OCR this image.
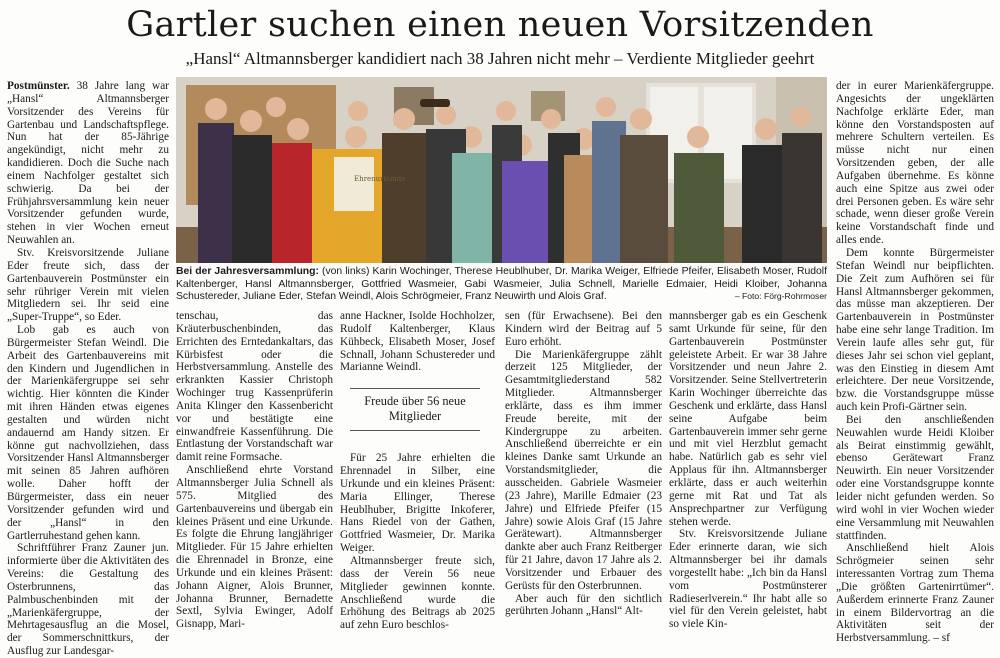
Gartler suchen einen neuen Vorsitzenden
„Hansl“ Altmannsberger kandidiert nach 38 Jahren nicht mehr – Verdiente Mitglieder geehrt

Postmünster. 38 Jahre lang war „Hansl“ Altmannsberger Vorsitzender des Vereins für Gartenbau und Landschaftspflege. Nun hat der 85-Jährige angekündigt, nicht mehr zu kandidieren. Doch die Suche nach einem Nachfolger gestaltet sich schwierig. Da bei der Frühjahrsversammlung kein neuer Vorsitzender gefunden wurde, stehen in vier Wochen erneut Neuwahlen an.

Stv. Kreisvorsitzende Juliane Eder freute sich, dass der Gartenbauverein Postmünster ein sehr rühriger Verein mit vielen Mitgliedern sei. Ihr seid eine „Super-Truppe“, so Eder.

Lob gab es auch von Bürgermeister Stefan Weindl. Die Arbeit des Gartenbauvereins mit den Kindern und Jugendlichen in der Marienkäfergruppe sei sehr wichtig. Hier könnten die Kinder mit ihren Händen etwas eigenes gestalten und würden nicht andauernd am Handy sitzen. Er könne gut nachvollziehen, dass Vorsitzender Hansl Altmannsberger mit seinen 85 Jahren aufhören wolle. Daher hofft der Bürgermeister, dass ein neuer Vorsitzender gefunden wird und der „Hansl“ in den Gartlerruhestand gehen kann.

Schriftführer Franz Zauner jun. informierte über die Aktivitäten des Vereins: die Gestaltung des Osterbrunnens, das Palmbuschenbinden mit der „Marienkäfergruppe, der Mehrtagesausflug an die Mosel, der Sommerschnittkurs, der Ausflug zur Landesgar-

Ehrenurkunde
Bei der Jahresversammlung: (von links) Karin Wochinger, Therese Heublhuber, Dr. Marika Weiger, Elfriede Pfeifer, Elisabeth Moser, Rudolf Kaltenberger, Hansl Altmannsberger, Gottfried Wasmeier, Gabi Wasmeier, Julia Schnell, Marielle Edmaier, Heidi Kloiber, Johanna Schustereder, Juliane Eder, Stefan Weindl, Alois Schrögmeier, Franz Neuwirth und Alois Graf.	– Foto: Förg-Rohrmoser

tenschau, das Kräuterbuschenbinden, das Errichten des Erntedankaltars, das Kürbisfest oder die Herbstversammlung. Anstelle des erkrankten Kassier Christoph Wochinger trug Kassenprüferin Anita Klinger den Kassenbericht vor und bestätigte eine einwandfreie Kassenführung. Die Entlastung der Vorstandschaft war damit reine Formsache.

Anschließend ehrte Vorstand Altmannsberger Julia Schnell als 575. Mitglied des Gartenbauvereins und übergab ein kleines Präsent und eine Urkunde. Es folgte die Ehrung langjähriger Mitglieder. Für 15 Jahre erhielten die Ehrennadel in Bronze, eine Urkunde und ein kleines Präsent: Johann Aigner, Alois Brunner, Johanna Brunner, Bernadette Sextl, Sylvia Ewinger, Adolf Gisnapp, Mari-

anne Hackner, Isolde Hochholzer, Rudolf Kaltenberger, Klaus Kühbeck, Elisabeth Moser, Josef Schnall, Johann Schustereder und Marianne Weindl.

Für 25 Jahre erhielten die Ehrennadel in Silber, eine Urkunde und ein kleines Präsent: Maria Ellinger, Therese Heublhuber, Brigitte Inkoferer, Hans Riedel von der Gathen, Gottfried Wasmeier, Dr. Marika Weiger.

Altmannsberger freute sich, dass der Verein 56 neue Mitglieder gewinnen konnte. Anschließend wurde die Erhöhung des Beitrags ab 2025 auf zehn Euro beschlos-

Freude über 56 neue Mitglieder

sen (für Erwachsene). Bei den Kindern wird der Beitrag auf 5 Euro erhöht.

Die Marienkäfergruppe zählt derzeit 125 Mitglieder, der Gesamtmitgliederstand 582 Mitglieder. Altmannsberger erklärte, dass es ihm immer Freude bereite, mit der Kindergruppe zu arbeiten. Anschließend überreichte er ein kleines Danke samt Urkunde an Vorstandsmitglieder, die ausscheiden. Gabriele Wasmeier (23 Jahre), Marille Edmaier (23 Jahre) und Elfriede Pfeifer (15 Jahre) sowie Alois Graf (15 Jahre Gerätewart). Altmannsberger dankte aber auch Franz Reitberger für 21 Jahre, davon 17 Jahre als 2. Vorsitzender und Erbauer des Gerüsts für den Osterbrunnen.

Aber auch für den sichtlich gerührten Johann „Hansl“ Alt-

mannsberger gab es ein Geschenk samt Urkunde für seine, für den Gartenbauverein Postmünster geleistete Arbeit. Er war 38 Jahre Vorsitzender und neun Jahre 2. Vorsitzender. Seine Stellvertreterin Karin Wochinger überreichte das Geschenk und erklärte, dass Hansl seine Aufgabe beim Gartenbauverein immer sehr gerne und mit viel Herzblut gemacht habe. Natürlich gab es sehr viel Applaus für ihn. Altmannsberger erklärte, dass er auch weiterhin gerne mit Rat und Tat als Ansprechpartner zur Verfügung stehen werde.

Stv. Kreisvorsitzende Juliane Eder erinnerte daran, wie sich Altmannsberger bei ihr damals vorgestellt habe: „Ich bin da Hansl vom Postmünsterer Radieserlverein.“ Ihr habt alle so viel für den Verein geleistet, habt so viele Kin-

der in eurer Marienkäfergruppe. Angesichts der ungeklärten Nachfolge erklärte Eder, man könne den Vorstandsposten auf mehrere Schultern verteilen. Es müsse nicht nur einen Vorsitzenden geben, der alle Aufgaben übernehme. Es könne auch eine Spitze aus zwei oder drei Personen geben. Es wäre sehr schade, wenn dieser große Verein keine Vorstandschaft finde und alles ende.

Dem konnte Bürgermeister Stefan Weindl nur beipflichten. Die Zeit zum Aufhören sei für Hansl Altmannsberger gekommen, das müsse man akzeptieren. Der Gartenbauverein in Postmünster habe eine sehr lange Tradition. Im Verein laufe alles sehr gut, für dieses Jahr sei schon viel geplant, was den Einstieg in diesem Amt erleichtere. Der neue Vorsitzende, bzw. die Vorstandsgruppe müsse auch kein Profi-Gärtner sein.

Bei den anschließenden Neuwahlen wurde Heidi Kloiber als Beirat einstimmig gewählt, ebenso Gerätewart Franz Neuwirth. Ein neuer Vorsitzender oder eine Vorstandsgruppe konnte leider nicht gefunden werden. So wird wohl in vier Wochen wieder eine Versammlung mit Neuwahlen stattfinden.

Anschließend hielt Alois Schrögmeier seinen sehr interessanten Vortrag zum Thema „Die größten Gartenirrtümer“. Außerdem erinnerte Franz Zauner in einem Bildervortrag an die Aktivitäten seit der Herbstversammlung. – sf
